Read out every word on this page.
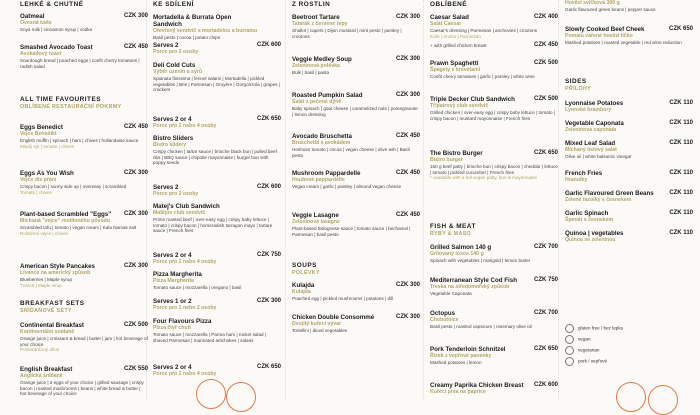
LEHKÉ & CHUTNÉ
Oatmeal	CZK 300
Ovesná kaše
Soya milk | cinnamon syrup | vodka
Smashed Avocado Toast	CZK 450
Avokádový toast
Sourdough bread | poached eggs | confit cherry tomatoes | radish salad
ALL TIME FAVOURITES
OBLÍBENÉ RESTAURAČNÍ POKRMY
Eggs Benedict	CZK 450
Vejce Benedikt
English muffin | spinach | ham | chives | hollandaise sauce
Mladý sýr | tomato | chives
Eggs As You Wish	CZK 300
Vejce dle přání
Crispy bacon | sunny side up | overeasy | scrambled
Tomato | chives
Plant-based Scrambled "Eggs"	CZK 300
Míchaná "vejce" rostlinného původu
Scrambled tofu | tomato | vegan cream | Kala Namak salt
Rostlinné vejce | chives
American Style Pancakes	CZK 300
Lívance na americký způsob
Blueberries | Maple syrup
Tvaroh | Maple sirup
BREAKFAST SETS
SNÍDAŇOVÉ SETY
Continental Breakfast	CZK 500
Kontinentální snídaně
Orange juice | croissant & bread | butter | jam | hot beverage of your choice
Pomerančový džus
English Breakfast	CZK 550
Anglická snídaně
Orange juice | 2 eggs of your choice | grilled sausage | crispy bacon | roasted mushrooms | beans | white bread & butter | hot beverage of your choice
KE SDÍLENÍ
Mortadella & Burrata Open Sandwich
Otevřený sendvič s mortadelou a burratou
Basil pesto | cocoa | potato chips
Serves 2	CZK 600
Porce pro 2 osoby
Deli Cold Cuts
Výběr uzenin a sýrů
Spianata finissima | fennel salami | Mortadella | pickled vegetables | Brie | Parmesan | Gruyère | Gorgonzola | grapes | crackers
Serves 2 or 4	CZK 650
Porce pro 2 nebo 4 osoby
Bistro Sliders
Bistro slidery
Crispy chicken | tartar sauce | brioche black bun | pulled beef ribs | BBQ sauce | chipotle mayonnaise | burger bun with poppy seeds
Serves 2	CZK 600
Porce pro 2 osoby
Matej's Club Sandwich
Matějův club sendvič
Prime roasted beef | over-easy egg | crispy baby lettuce | tomato | crispy bacon | horseradish tarragon mayo | tartare sauce | French fries
Serves 2 or 4	CZK 750
Porce pro 2 nebo 4 osoby
Pizza Margherita
Pizza Margherita
Tomato sauce | mozzarella | oregano | basil
Serves 1 or 2	CZK 300
Porce pro 1 nebo 2 osoby
Four Flavours Pizza
Pizza čtyř chutí
Tomato sauce | mozzarella | Parma ham | rocket salad | shaved Parmesan | marinated artichokes | salami
Serves 2 or 4	CZK 650
Porce pro 2 nebo 4 osoby
Z ROSTLIN
Beetroot Tartare	CZK 300
Tatarák z červené řepy
Shallot | capers | Dijon mustard | mint pesto | parsley | croutons
Veggie Medley Soup	CZK 300
Zeleninová polévka
Bulk | basil | pasta
Roasted Pumpkin Salad	CZK 300
Salát z pečené dýně
Baby spinach | goat cheese | caramelized nuts | pomegranate | lemon dressing
Avocado Bruschetta	CZK 450
Bruschetta s avokádem
Heirloom tomato | cocoa | vegan cheese | olive ash | Basil pesto
Mushroom Pappardelle	CZK 450
Houbové pappardelle
Vegan cream | garlic | parsley | almond vegan cheese
Veggie Lasagne	CZK 450
Zeleninové lasagne
Plant-based Bolognese sauce | tomato sauce | bechamel | Parmesan | basil pesto
SOUPS
POLÉVKY
Kulajda	CZK 300
Kulajda
Poached egg | pickled mushrooms | potatoes | dill
Chicken Double Consommé	CZK 300
Dvojitý kuřecí vývar
Tortellini | diced vegetables
OBLÍBENÉ
Caesar Salad	CZK 400
Salát Caesar
Caesar's dressing | Parmesan | anchovies | croutons
Kuře | Ancho | Parmezán
CZK 450
+ with grilled chicken breast
Prawn Spaghetti	CZK 500
Špagety s krevetami
Confit cherry tomatoes | garlic | parsley | white wine
Triple Decker Club Sandwich	CZK 500
Třípatrový club sendvič
Grilled chicken | over-easy egg | crispy baby lettuce | tomato | crispy bacon | mustard mayonnaise | French fries
The Bistro Burger	CZK 650
Bistro burger
150 g beef patty | brioche bun | crispy bacon | cheddar | lettuce | tomato | pickled cucumber | French fries
* available with a full vegan patty, bun & mayonnaise
FISH & MEAT
RYBY & MASO
Grilled Salmon 140 g	CZK 700
Grilovaný losos 140 g
Spinach with vegetables | marigold | lemon butter
Mediterranean Style Cod Fish	CZK 750
Treska na středomořský způsob
Vegetable Caponata
Octopus	CZK 700
Chobotnice
Basil pesto | roasted capsicum | rosemary olive oil
Pork Tenderloin Schnitzel	CZK 650
Řízek z vepřové panenky
Mashed potatoes | lemon
Creamy Paprika Chicken Breast	CZK 600
Kuřecí prsa na paprice
Hovězí svíčková 300 g
Garlic flavoured green beans | pepper sauce
Slowly Cooked Beef Cheek	CZK 650
Pomalu vařené hovězí líčko
Mashed potatoes | roasted vegetable | red wine reduction
SIDES
PŘÍLOHY
Lyonnaise Potatoes	CZK 110
Lyonské brambory
Vegetable Caponata	CZK 110
Zeleninová caponata
Mixed Leaf Salad	CZK 110
Míchaný listový salát
Olive oil | white balsamic vinegar
French Fries	CZK 110
Hranolky
Garlic Flavoured Green Beans	CZK 110
Zelené fazolky s česnekem
Garlic Spinach	CZK 110
Špenát s česnekem
Quinoa | vegetables	CZK 110
Quinoa se zeleninou
gluten free / bez lepku
vegan
vegetarian
pork / vepřové
